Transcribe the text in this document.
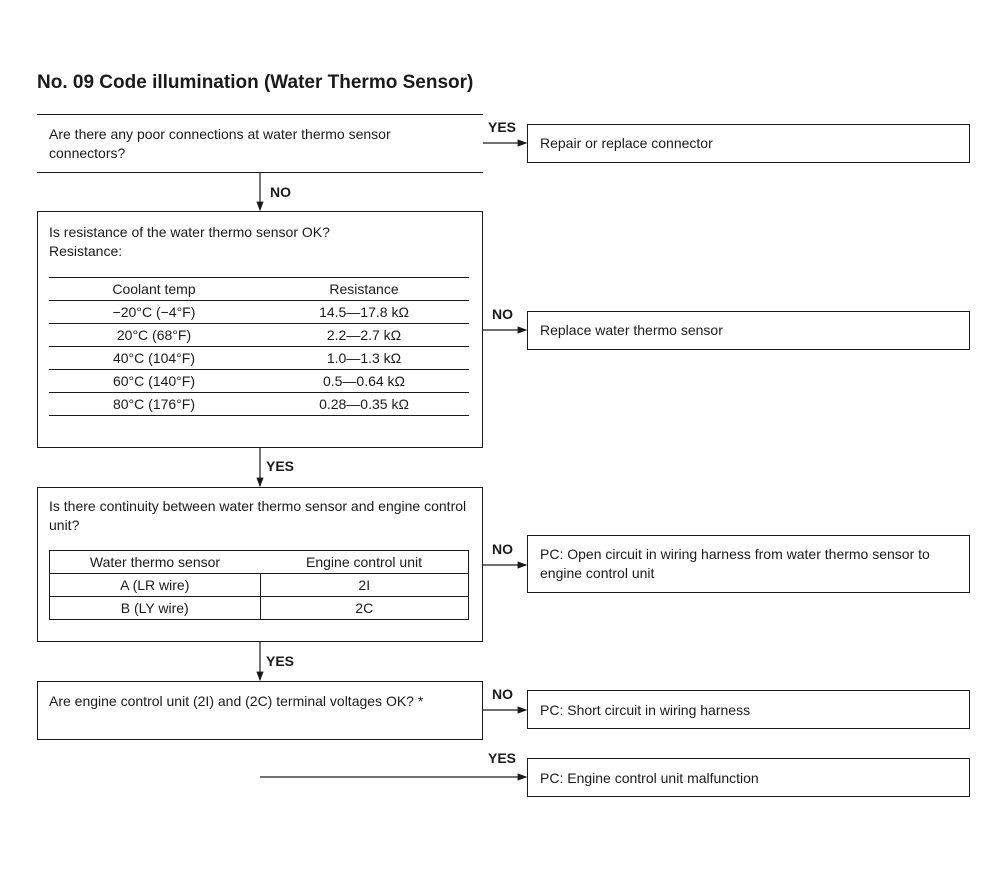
No. 09 Code illumination (Water Thermo Sensor)
Are there any poor connections at water thermo sensor connectors?
YES
Repair or replace connector
NO
Is resistance of the water thermo sensor OK?
Resistance:
Coolant temp	Resistance
−20°C (−4°F)	14.5—17.8 kΩ
20°C (68°F)	2.2—2.7 kΩ
40°C (104°F)	1.0—1.3 kΩ
60°C (140°F)	0.5—0.64 kΩ
80°C (176°F)	0.28—0.35 kΩ
NO
Replace water thermo sensor
YES
Is there continuity between water thermo sensor and engine control unit?
Water thermo sensor	Engine control unit
A (LR wire)	2I
B (LY wire)	2C
NO PC: Open circuit in wiring harness from water thermo sensor to engine control unit
YES
Are engine control unit (2I) and (2C) terminal voltages OK? *	NO
PC: Short circuit in wiring harness
YES
PC: Engine control unit malfunction
